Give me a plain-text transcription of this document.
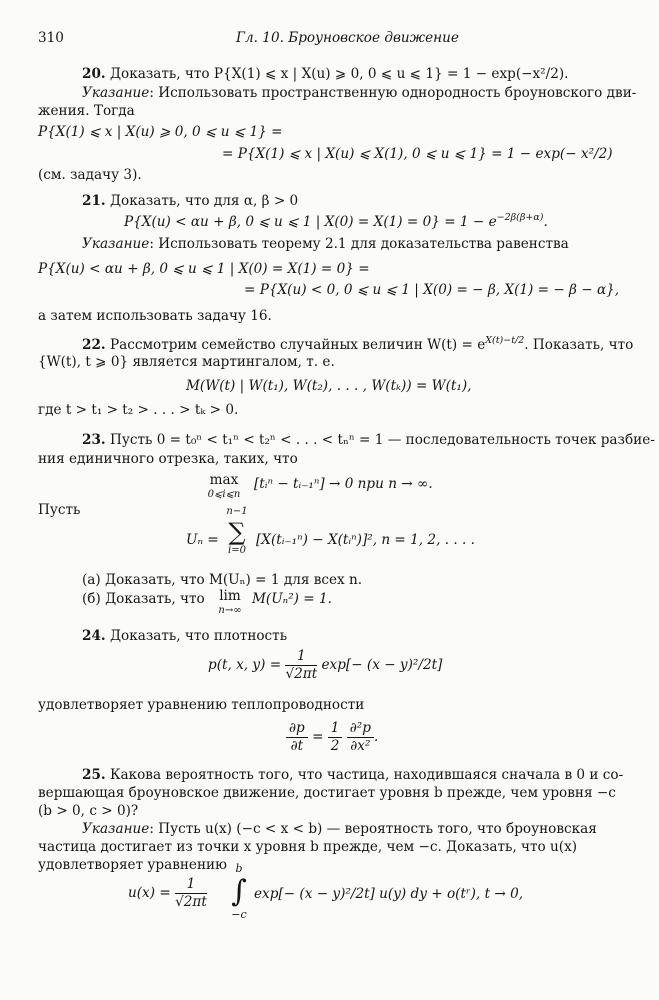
310	Гл. 10. Броуновское движение
20. Доказать, что P{X(1) ⩽ x | X(u) ⩾ 0, 0 ⩽ u ⩽ 1} = 1 − exp(−x²/2).
Указание: Использовать пространственную однородность броуновского дви-
жения. Тогда
P{X(1) ⩽ x | X(u) ⩾ 0, 0 ⩽ u ⩽ 1} =
= P{X(1) ⩽ x | X(u) ⩽ X(1), 0 ⩽ u ⩽ 1} = 1 − exp(− x²/2)
(см. задачу 3).
21. Доказать, что для α, β > 0
P{X(u) < αu + β, 0 ⩽ u ⩽ 1 | $X(0) = X(1) = 0\} = 1 - e^{-2\beta(\beta+\alpha)}$.
Указание: Использовать теорему 2.1 для доказательства равенства
P{X(u) < αu + β, 0 ⩽ u ⩽ 1 | X(0) = X(1) = 0} =
= P{X(u) < 0, 0 ⩽ u ⩽ 1 | X(0) = − β, X(1) = − β − α},
а затем использовать задачу 16.
22. Рассмотрим семейство случайных величин $W(t) = e^{X(t)-t/2}$. Показать, что
{W(t), t ⩾ 0} является мартингалом, т. е.
M(W(t) | W(t₁), W(t₂), . . . , W(tₖ)) = W(t₁),
где t > t₁ > t₂ > . . . > tₖ > 0.
23. Пусть 0 = t₀ⁿ < t₁ⁿ < t₂ⁿ < . . . < tₙⁿ = 1 — последовательность точек разбие-
ния единичного отрезка, таких, что
max
0⩽i⩽n
[tᵢⁿ − tᵢ₋₁ⁿ] → 0 при n → ∞.
Пусть
Uₙ =
n−1
∑
i=0
[X(tᵢ₋₁ⁿ) − X(tᵢⁿ)]², n = 1, 2, . . . .
(а) Доказать, что M(Uₙ) = 1 для всех n.
(б) Доказать, что	lim
n→∞
M(Uₙ²) = 1.
24. Доказать, что плотность
p(t, x, $y) = \frac{1}{√2\pi t} \exp[- (x - y)^2/2t]$
удовлетворяет уравнению теплопроводности
$\frac{\partial p}{\partial t} = \frac{1}{2}$
$\frac{\text{∂²p}}{\text{∂x²}}$ .
25. Какова вероятность того, что частица, находившаяся сначала в 0 и со-
вершающая броуновское движение, достигает уровня b прежде, чем уровня −c
(b > 0, c > 0)?
Указание: Пусть u(x) (−c < x < b) — вероятность того, что броуновская
частица достигает из точки x уровня b прежде, чем −c. Доказать, что u(x)
удовлетворяет уравнению
$u(x) = \frac{1}{√2\pi t}$
b
∫
−c
exp[− (x − y)²/2t] u(y) dy + o(tʳ), t → 0,
